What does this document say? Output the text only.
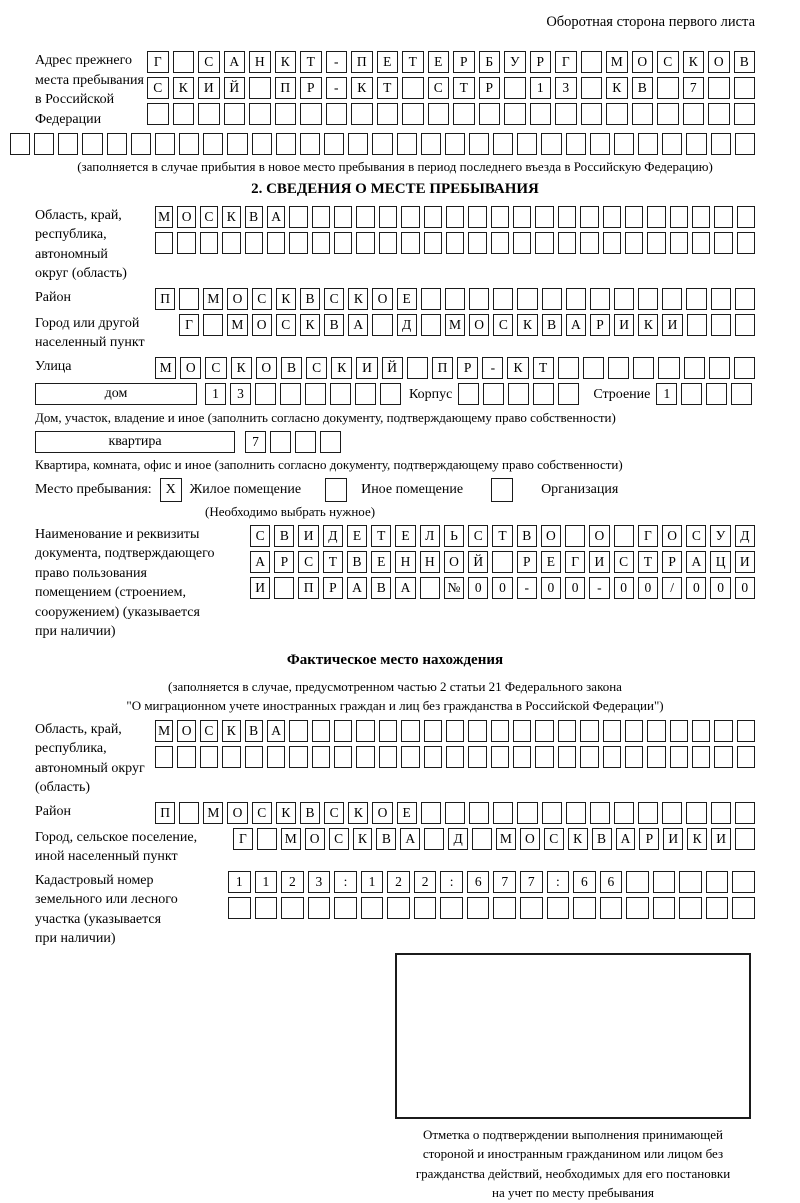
Оборотная сторона первого листа
Адрес прежнего
места пребывания
в Российской
Федерации
Г	С	А	Н	К	Т	-	П	Е	Т	Е	Р	Б	У	Р	Г	М	О	С	К	О	В
С	К	И	Й	П	Р	-	К	Т	С	Т	Р	1	3	К	В	7
(заполняется в случае прибытия в новое место пребывания в период последнего въезда в Российскую Федерацию)
2. СВЕДЕНИЯ О МЕСТЕ ПРЕБЫВАНИЯ
Область, край,
республика,
автономный
округ (область)
М О С К В А
Район	П	М О	С	К	В	С	К	О	Е
Город или другой
населенный пункт
Г	М О	С	К	В	А	Д	М О	С	К	В	А	Р	И	К	И
Улица	М	О	С	К	О	В	С	К	И	Й	П	Р	-	К	Т
дом	1	3	Корпус	Строение 1
Дом, участок, владение и иное (заполнить согласно документу, подтверждающему право собственности)
квартира	7
Квартира, комната, офис и иное (заполнить согласно документу, подтверждающему право собственности)
Место пребывания: X Жилое помещение	Иное помещение	Организация
(Необходимо выбрать нужное)
Наименование и реквизиты
документа, подтверждающего
право пользования
помещением (строением,
сооружением) (указывается
при наличии)
С	В	И	Д	Е	Т	Е	Л	Ь	С	Т	В	О	О	Г	О	С	У	Д
А	Р	С	Т	В	Е	Н	Н	О	Й	Р	Е	Г	И	С	Т	Р	А	Ц	И
И	П	Р	А	В	А	№	0	0	-	0	0	-	0	0	/	0	0	0
Фактическое место нахождения
(заполняется в случае, предусмотренном частью 2 статьи 21 Федерального закона
"О миграционном учете иностранных граждан и лиц без гражданства в Российской Федерации")
Область, край,
республика,
автономный округ
(область)
М О С К В А
Район	П	М О	С	К	В	С	К	О	Е
Город, сельское поселение,
иной населенный пункт
Г	М О	С	К	В	А	Д	М О	С	К	В	А	Р	И	К	И
Кадастровый номер
земельного или лесного
участка (указывается
при наличии)
1	1	2	3	:	1	2	2	:	6	7	7	:	6	6
Отметка о подтверждении выполнения принимающей
стороной и иностранным гражданином или лицом без
гражданства действий, необходимых для его постановки
на учет по месту пребывания
